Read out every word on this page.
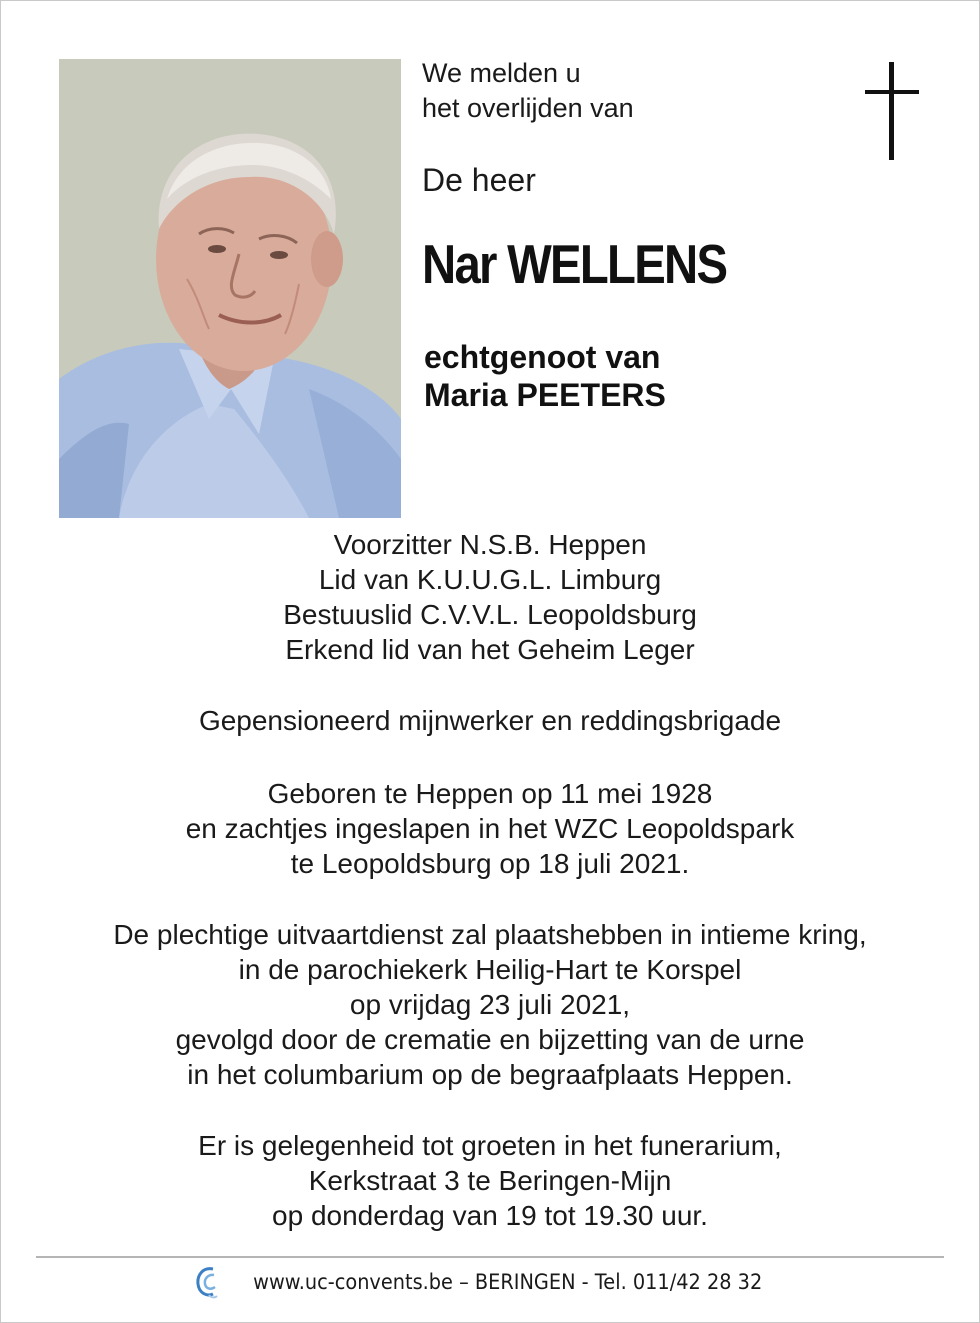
We melden u
het overlijden van
De heer
Nar WELLENS
echtgenoot van
Maria PEETERS
Voorzitter N.S.B. Heppen
Lid van K.U.U.G.L. Limburg
Bestuuslid C.V.V.L. Leopoldsburg
Erkend lid van het Geheim Leger
Gepensioneerd mijnwerker en reddingsbrigade
Geboren te Heppen op 11 mei 1928
en zachtjes ingeslapen in het WZC Leopoldspark
te Leopoldsburg op 18 juli 2021.
De plechtige uitvaartdienst zal plaatshebben in intieme kring,
in de parochiekerk Heilig-Hart te Korspel
op vrijdag 23 juli 2021,
gevolgd door de crematie en bijzetting van de urne
in het columbarium op de begraafplaats Heppen.
Er is gelegenheid tot groeten in het funerarium,
Kerkstraat 3 te Beringen-Mijn
op donderdag van 19 tot 19.30 uur.
www.uc-convents.be – BERINGEN - Tel. 011/42 28 32
